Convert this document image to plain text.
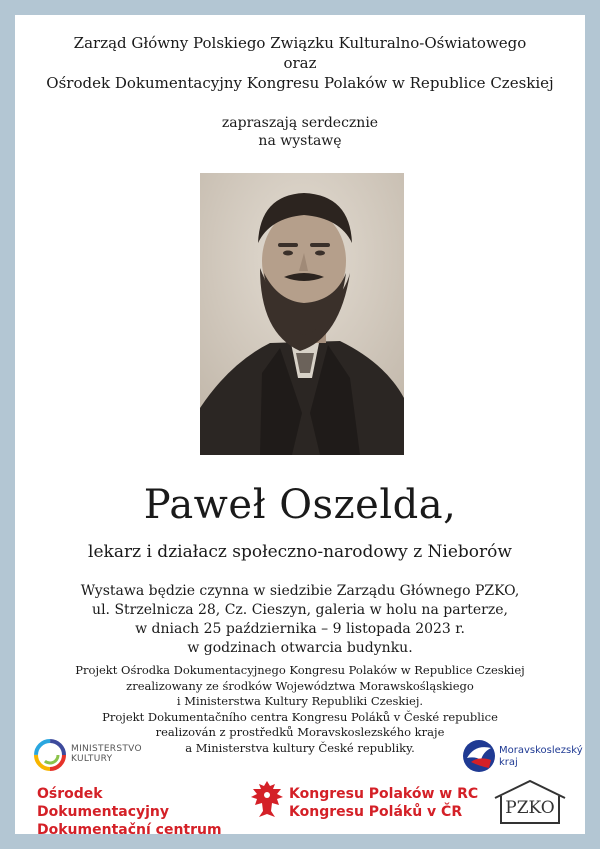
Zarząd Główny Polskiego Związku Kulturalno-Oświatowego
oraz
Ośrodek Dokumentacyjny Kongresu Polaków w Republice Czeskiej
zapraszają serdecznie
na wystawę
Paweł Oszelda,
lekarz i działacz społeczno-narodowy z Nieborów
Wystawa będzie czynna w siedzibie Zarządu Głównego PZKO,
ul. Strzelnicza 28, Cz. Cieszyn, galeria w holu na parterze,
w dniach 25 października – 9 listopada 2023 r.
w godzinach otwarcia budynku.
Projekt Ośrodka Dokumentacyjnego Kongresu Polaków w Republice Czeskiej
zrealizowany ze środków Województwa Morawskośląskiego
i Ministerstwa Kultury Republiki Czeskiej.
Projekt Dokumentačního centra Kongresu Poláků v České republice
realizován z prostředků Moravskoslezského kraje
a Ministerstva kultury České republiky.
MINISTERSTVO
KULTURY
Moravskoslezský
kraj
Ośrodek Dokumentacyjny
Dokumentační centrum
Kongresu Polaków w RC
Kongresu Poláků v ČR	PZKO
